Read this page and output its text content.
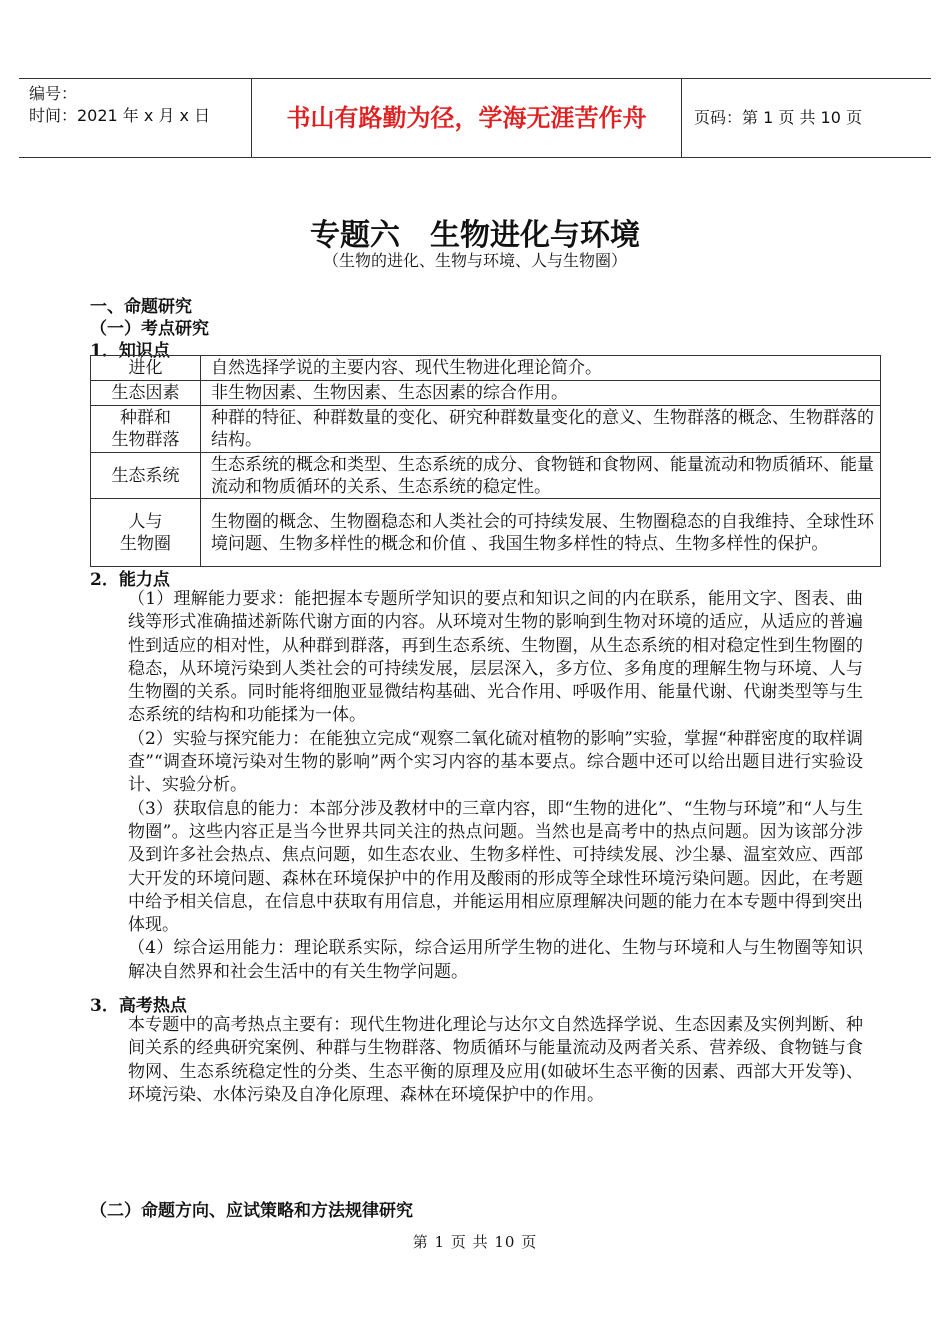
编号：
时间：2021 年 x 月 x 日	书山有路勤为径，学海无涯苦作舟	页码：第 1 页 共 10 页
专题六　生物进化与环境
（生物的进化、生物与环境、人与生物圈）
一、命题研究
（一）考点研究
1．知识点
进化	自然选择学说的主要内容、现代生物进化理论简介。
生态因素	非生物因素、生物因素、生态因素的综合作用。
种群和
生物群落	种群的特征、种群数量的变化、研究种群数量变化的意义、生物群落的概念、生物群落的结构。
生态系统	生态系统的概念和类型、生态系统的成分、食物链和食物网、能量流动和物质循环、能量流动和物质循环的关系、生态系统的稳定性。
人与
生物圈	生物圈的概念、生物圈稳态和人类社会的可持续发展、生物圈稳态的自我维持、全球性环境问题、生物多样性的概念和价值 、我国生物多样性的特点、生物多样性的保护。
2．能力点

（1）理解能力要求：能把握本专题所学知识的要点和知识之间的内在联系，能用文字、图表、曲线等形式准确描述新陈代谢方面的内容。从环境对生物的影响到生物对环境的适应，从适应的普遍性到适应的相对性，从种群到群落，再到生态系统、生物圈，从生态系统的相对稳定性到生物圈的稳态，从环境污染到人类社会的可持续发展，层层深入，多方位、多角度的理解生物与环境、人与生物圈的关系。同时能将细胞亚显微结构基础、光合作用、呼吸作用、能量代谢、代谢类型等与生态系统的结构和功能揉为一体。

（2）实验与探究能力：在能独立完成“观察二氧化硫对植物的影响”实验，掌握“种群密度的取样调查”“调查环境污染对生物的影响”两个实习内容的基本要点。综合题中还可以给出题目进行实验设计、实验分析。

（3）获取信息的能力：本部分涉及教材中的三章内容，即“生物的进化”、“生物与环境”和“人与生物圈”。这些内容正是当今世界共同关注的热点问题。当然也是高考中的热点问题。因为该部分涉及到许多社会热点、焦点问题，如生态农业、生物多样性、可持续发展、沙尘暴、温室效应、西部大开发的环境问题、森林在环境保护中的作用及酸雨的形成等全球性环境污染问题。因此，在考题中给予相关信息，在信息中获取有用信息，并能运用相应原理解决问题的能力在本专题中得到突出体现。

（4）综合运用能力：理论联系实际，综合运用所学生物的进化、生物与环境和人与生物圈等知识解决自然界和社会生活中的有关生物学问题。

3．高考热点

本专题中的高考热点主要有：现代生物进化理论与达尔文自然选择学说、生态因素及实例判断、种间关系的经典研究案例、种群与生物群落、物质循环与能量流动及两者关系、营养级、食物链与食物网、生态系统稳定性的分类、生态平衡的原理及应用(如破坏生态平衡的因素、西部大开发等)、环境污染、水体污染及自净化原理、森林在环境保护中的作用。

（二）命题方向、应试策略和方法规律研究
第 1 页 共 10 页
